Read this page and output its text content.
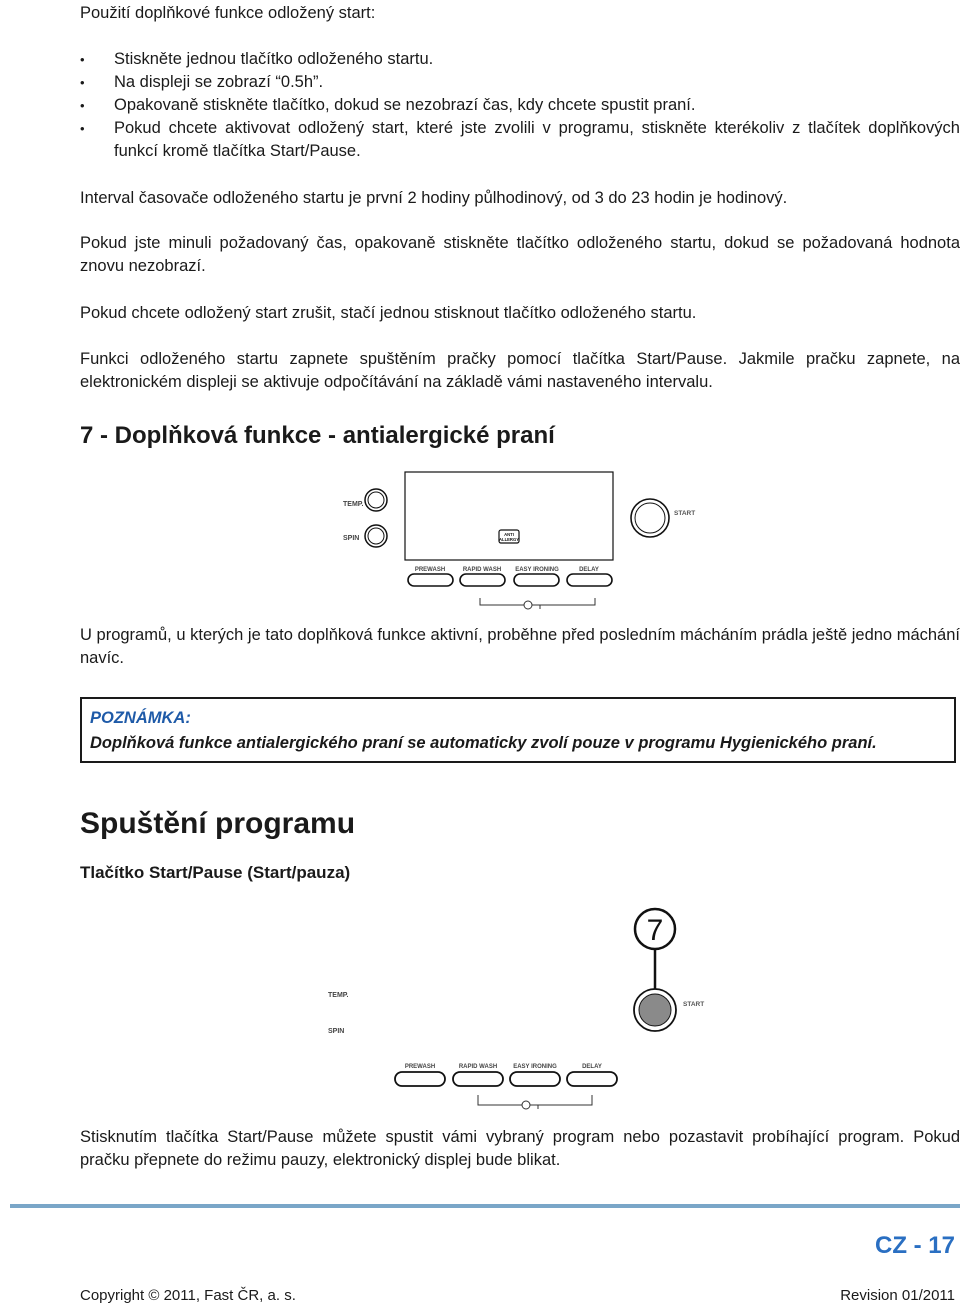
Použití doplňkové funkce odložený start:
• Stiskněte jednou tlačítko odloženého startu.
• Na displeji se zobrazí “0.5h”.
• Opakovaně stiskněte tlačítko, dokud se nezobrazí čas, kdy chcete spustit praní.
• Pokud chcete aktivovat odložený start, které jste zvolili v programu, stiskněte kterékoliv z tlačítek doplňkových funkcí kromě tlačítka Start/Pause.
Interval časovače odloženého startu je první 2 hodiny půlhodinový, od 3 do 23 hodin je hodinový.
Pokud jste minuli požadovaný čas, opakovaně stiskněte tlačítko odloženého startu, dokud se požadovaná hodnota znovu nezobrazí.
Pokud chcete odložený start zrušit, stačí jednou stisknout tlačítko odloženého startu.
Funkci odloženého startu zapnete spuštěním pračky pomocí tlačítka Start/Pause. Jakmile pračku zapnete, na elektronickém displeji se aktivuje odpočítávání na základě vámi nastaveného intervalu.
7 - Doplňková funkce - antialergické praní
TEMP.
SPIN
ANTI
ALLERGY
START
PREWASH	RAPID WASH EASY IRONING	DELAY
U programů, u kterých je tato doplňková funkce aktivní, proběhne před posledním mácháním prádla ještě jedno máchání navíc.
POZNÁMKA:
Doplňková funkce antialergického praní se automaticky zvolí pouze v programu Hygienického praní.
Spuštění programu
Tlačítko Start/Pause (Start/pauza)
7
TEMP.
SPIN
START
PREWASH	RAPID WASH	EASY IRONING	DELAY
Stisknutím tlačítka Start/Pause můžete spustit vámi vybraný program nebo pozastavit probíhající program. Pokud pračku přepnete do režimu pauzy, elektronický displej bude blikat.
CZ - 17
Copyright © 2011, Fast ČR, a. s.	Revision 01/2011
